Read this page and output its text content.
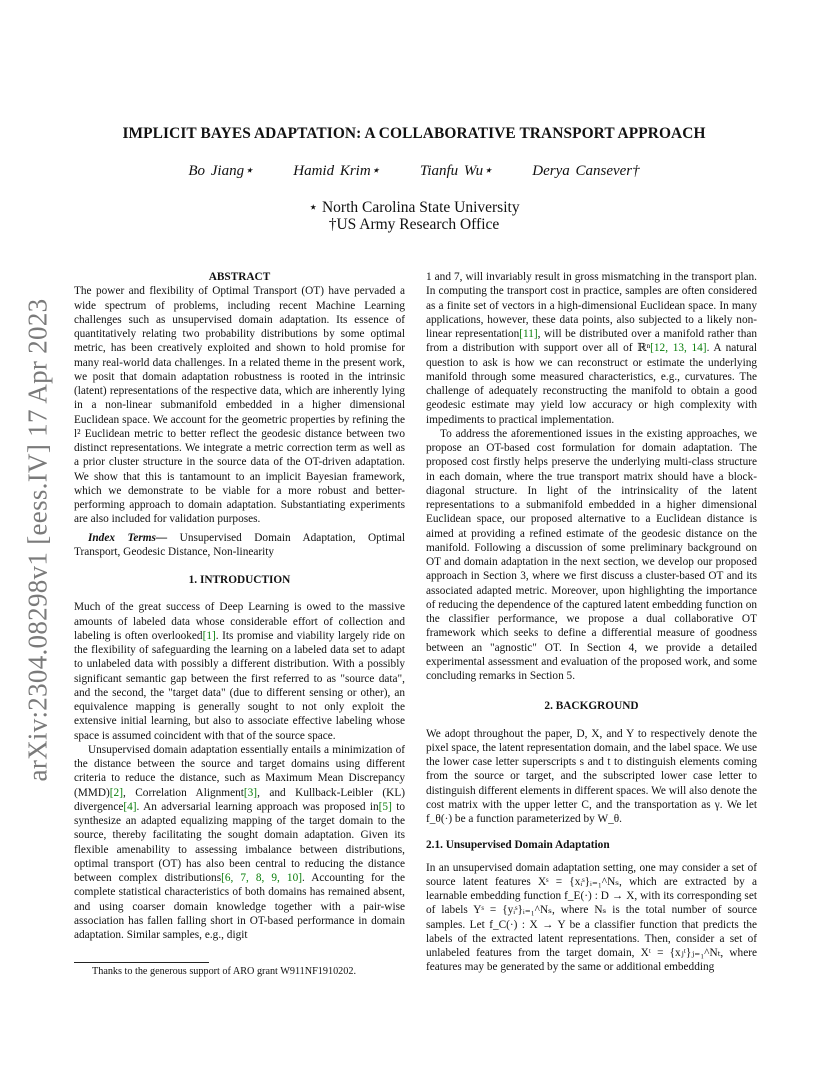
arXiv:2304.08298v1 [eess.IV] 17 Apr 2023
IMPLICIT BAYES ADAPTATION: A COLLABORATIVE TRANSPORT APPROACH
Bo Jiang⋆	Hamid Krim⋆	Tianfu Wu⋆	Derya Cansever†
⋆ North Carolina State University
†US Army Research Office

ABSTRACT

The power and flexibility of Optimal Transport (OT) have pervaded a wide spectrum of problems, including recent Machine Learning challenges such as unsupervised domain adaptation. Its essence of quantitatively relating two probability distributions by some optimal metric, has been creatively exploited and shown to hold promise for many real-world data challenges. In a related theme in the present work, we posit that domain adaptation robustness is rooted in the intrinsic (latent) representations of the respective data, which are inherently lying in a non-linear submanifold embedded in a higher dimensional Euclidean space. We account for the geometric properties by refining the l² Euclidean metric to better reflect the geodesic distance between two distinct representations. We integrate a metric correction term as well as a prior cluster structure in the source data of the OT-driven adaptation. We show that this is tantamount to an implicit Bayesian framework, which we demonstrate to be viable for a more robust and better-performing approach to domain adaptation. Substantiating experiments are also included for validation purposes.

Index Terms— Unsupervised Domain Adaptation, Optimal Transport, Geodesic Distance, Non-linearity

1. INTRODUCTION

Much of the great success of Deep Learning is owed to the massive amounts of labeled data whose considerable effort of collection and labeling is often overlooked[1]. Its promise and viability largely ride on the flexibility of safeguarding the learning on a labeled data set to adapt to unlabeled data with possibly a different distribution. With a possibly significant semantic gap between the first referred to as "source data", and the second, the "target data" (due to different sensing or other), an equivalence mapping is generally sought to not only exploit the extensive initial learning, but also to associate effective labeling whose space is assumed coincident with that of the source space.

Unsupervised domain adaptation essentially entails a minimization of the distance between the source and target domains using different criteria to reduce the distance, such as Maximum Mean Discrepancy (MMD)[2], Correlation Alignment[3], and Kullback-Leibler (KL) divergence[4]. An adversarial learning approach was proposed in[5] to synthesize an adapted equalizing mapping of the target domain to the source, thereby facilitating the sought domain adaptation. Given its flexible amenability to assessing imbalance between distributions, optimal transport (OT) has also been central to reducing the distance between complex distributions[6, 7, 8, 9, 10]. Accounting for the complete statistical characteristics of both domains has remained absent, and using coarser domain knowledge together with a pair-wise association has fallen falling short in OT-based performance in domain adaptation. Similar samples, e.g., digit

1 and 7, will invariably result in gross mismatching in the transport plan. In computing the transport cost in practice, samples are often considered as a finite set of vectors in a high-dimensional Euclidean space. In many applications, however, these data points, also subjected to a likely non-linear representation[11], will be distributed over a manifold rather than from a distribution with support over all of ℝⁿ[12, 13, 14]. A natural question to ask is how we can reconstruct or estimate the underlying manifold through some measured characteristics, e.g., curvatures. The challenge of adequately reconstructing the manifold to obtain a good geodesic estimate may yield low accuracy or high complexity with impediments to practical implementation.

To address the aforementioned issues in the existing approaches, we propose an OT-based cost formulation for domain adaptation. The proposed cost firstly helps preserve the underlying multi-class structure in each domain, where the true transport matrix should have a block-diagonal structure. In light of the intrinsicality of the latent representations to a submanifold embedded in a higher dimensional Euclidean space, our proposed alternative to a Euclidean distance is aimed at providing a refined estimate of the geodesic distance on the manifold. Following a discussion of some preliminary background on OT and domain adaptation in the next section, we develop our proposed approach in Section 3, where we first discuss a cluster-based OT and its associated adapted metric. Moreover, upon highlighting the importance of reducing the dependence of the captured latent embedding function on the classifier performance, we propose a dual collaborative OT framework which seeks to define a differential measure of goodness between an "agnostic" OT. In Section 4, we provide a detailed experimental assessment and evaluation of the proposed work, and some concluding remarks in Section 5.

2. BACKGROUND

We adopt throughout the paper, D, X, and Y to respectively denote the pixel space, the latent representation domain, and the label space. We use the lower case letter superscripts s and t to distinguish elements coming from the source or target, and the subscripted lower case letter to distinguish different elements in different spaces. We will also denote the cost matrix with the upper letter C, and the transportation as γ. We let f_θ(·) be a function parameterized by W_θ.

2.1. Unsupervised Domain Adaptation

In an unsupervised domain adaptation setting, one may consider a set of source latent features Xˢ = {xᵢˢ}ᵢ₌₁^Nₛ, which are extracted by a learnable embedding function f_E(·) : D → X, with its corresponding set of labels Yˢ = {yᵢˢ}ᵢ₌₁^Nₛ, where Nₛ is the total number of source samples. Let f_C(·) : X → Y be a classifier function that predicts the labels of the extracted latent representations. Then, consider a set of unlabeled features from the target domain, Xᵗ = {xⱼᵗ}ⱼ₌₁^Nₜ, where features may be generated by the same or additional embedding

Thanks to the generous support of ARO grant W911NF1910202.
